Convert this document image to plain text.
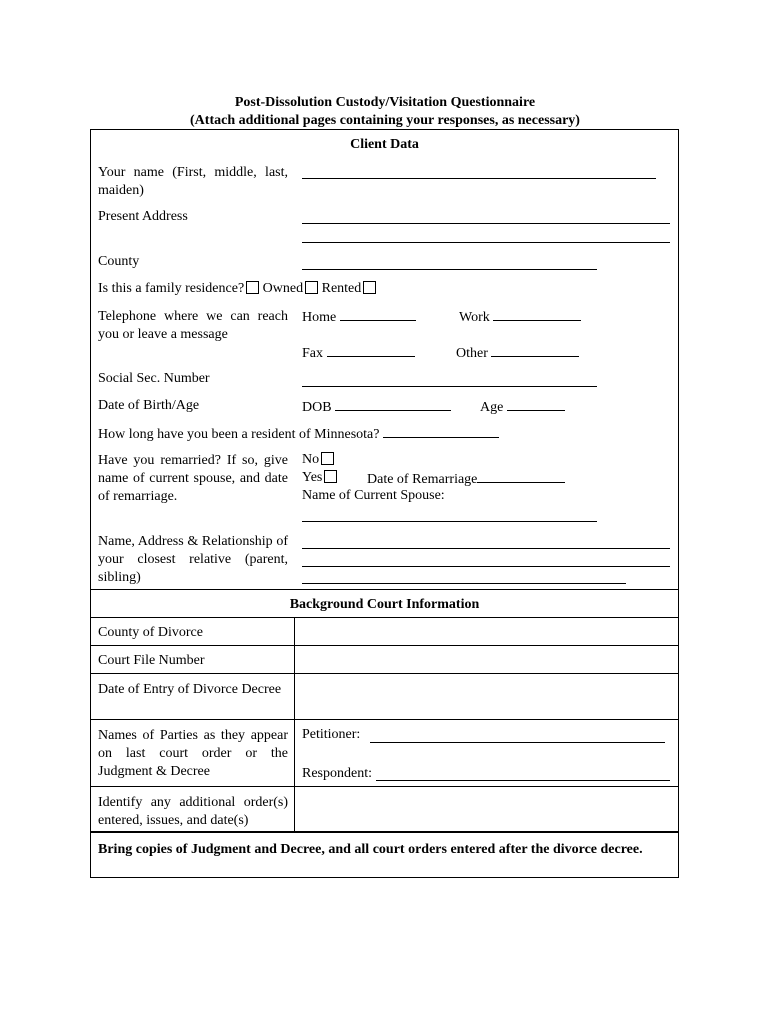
Post-Dissolution Custody/Visitation Questionnaire
(Attach additional pages containing your responses, as necessary)
Client Data
Your name (First, middle, last, maiden)
Present Address
County
Is this a family residence? Owned Rented
Telephone where we can reach you or leave a message
Home	Work
Fax	Other
Social Sec. Number
Date of Birth/Age	DOB	Age
How long have you been a resident of Minnesota?
Have you remarried? If so, give name of current spouse, and date of remarriage.
No
Yes	Date of Remarriage
Name of Current Spouse:
Name, Address & Relationship of your closest relative (parent, sibling)
Background Court Information
County of Divorce
Court File Number
Date of Entry of Divorce Decree
Names of Parties as they appear on last court order or the Judgment & Decree
Petitioner:
Respondent:
Identify any additional order(s) entered, issues, and date(s)
Bring copies of Judgment and Decree, and all court orders entered after the divorce decree.
